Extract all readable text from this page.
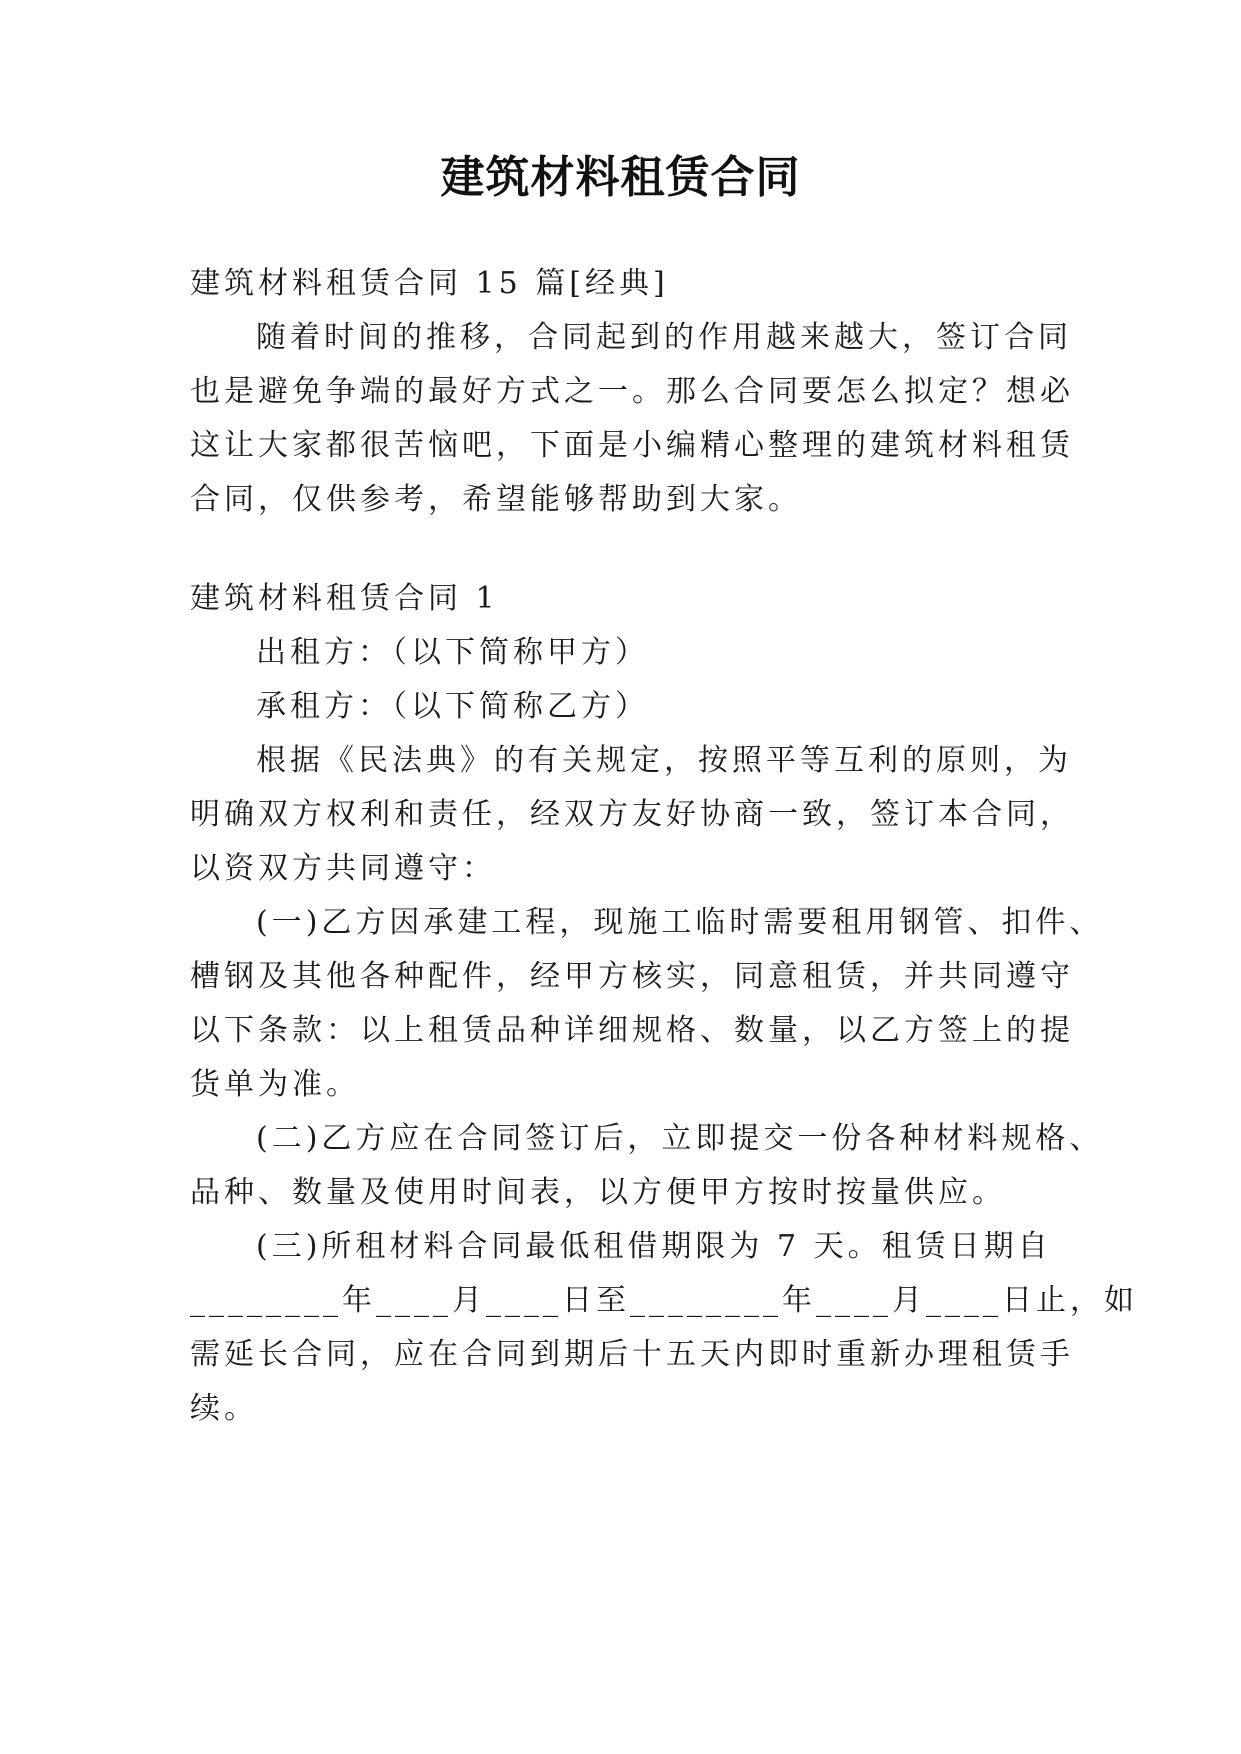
建筑材料租赁合同
建筑材料租赁合同 15 篇[经典]
随着时间的推移，合同起到的作用越来越大，签订合同
也是避免争端的最好方式之一。那么合同要怎么拟定？想必
这让大家都很苦恼吧，下面是小编精心整理的建筑材料租赁
合同，仅供参考，希望能够帮助到大家。
建筑材料租赁合同 1
出租方：（以下简称甲方）
承租方：（以下简称乙方）
根据《民法典》的有关规定，按照平等互利的原则，为
明确双方权利和责任，经双方友好协商一致，签订本合同，
以资双方共同遵守：
(一)乙方因承建工程，现施工临时需要租用钢管、扣件、
槽钢及其他各种配件，经甲方核实，同意租赁，并共同遵守
以下条款：以上租赁品种详细规格、数量，以乙方签上的提
货单为准。
(二)乙方应在合同签订后，立即提交一份各种材料规格、
品种、数量及使用时间表，以方便甲方按时按量供应。
(三)所租材料合同最低租借期限为 7 天。租赁日期自
________年____月____日至________年____月____日止，如
需延长合同，应在合同到期后十五天内即时重新办理租赁手
续。
